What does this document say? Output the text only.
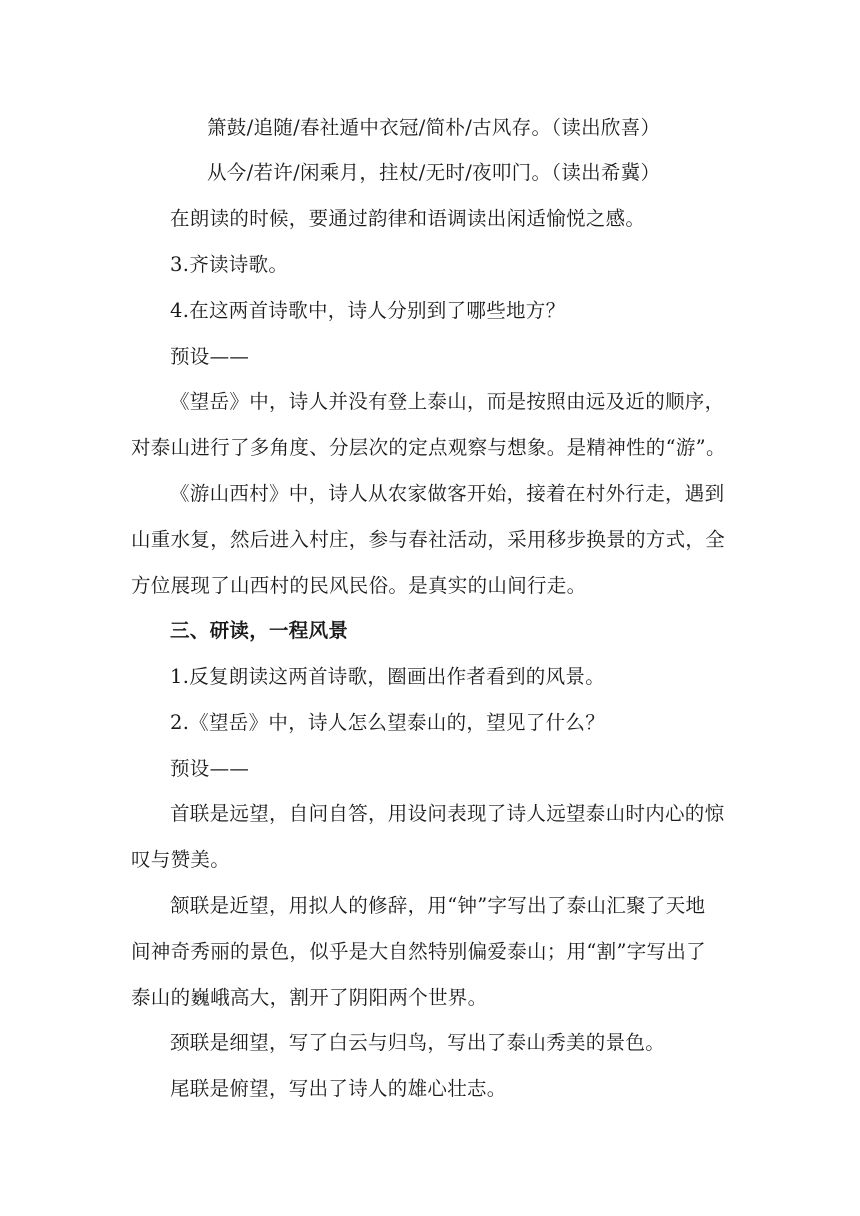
箫鼓/追随/春社遁中衣冠/简朴/古风存。（读出欣喜）
从今/若许/闲乘月，拄杖/无时/夜叩门。（读出希冀）
在朗读的时候，要通过韵律和语调读出闲适愉悦之感。
3.齐读诗歌。
4.在这两首诗歌中，诗人分别到了哪些地方？
预设——
《望岳》中，诗人并没有登上泰山，而是按照由远及近的顺序，
对泰山进行了多角度、分层次的定点观察与想象。是精神性的“游”。
《游山西村》中，诗人从农家做客开始，接着在村外行走，遇到
山重水复，然后进入村庄，参与春社活动，采用移步换景的方式，全
方位展现了山西村的民风民俗。是真实的山间行走。
三、研读，一程风景
1.反复朗读这两首诗歌，圈画出作者看到的风景。
2.《望岳》中，诗人怎么望泰山的，望见了什么？
预设——
首联是远望，自问自答，用设问表现了诗人远望泰山时内心的惊
叹与赞美。
颔联是近望，用拟人的修辞，用“钟”字写出了泰山汇聚了天地
间神奇秀丽的景色，似乎是大自然特别偏爱泰山；用“割”字写出了
泰山的巍峨高大，割开了阴阳两个世界。
颈联是细望，写了白云与归鸟，写出了泰山秀美的景色。
尾联是俯望，写出了诗人的雄心壮志。
